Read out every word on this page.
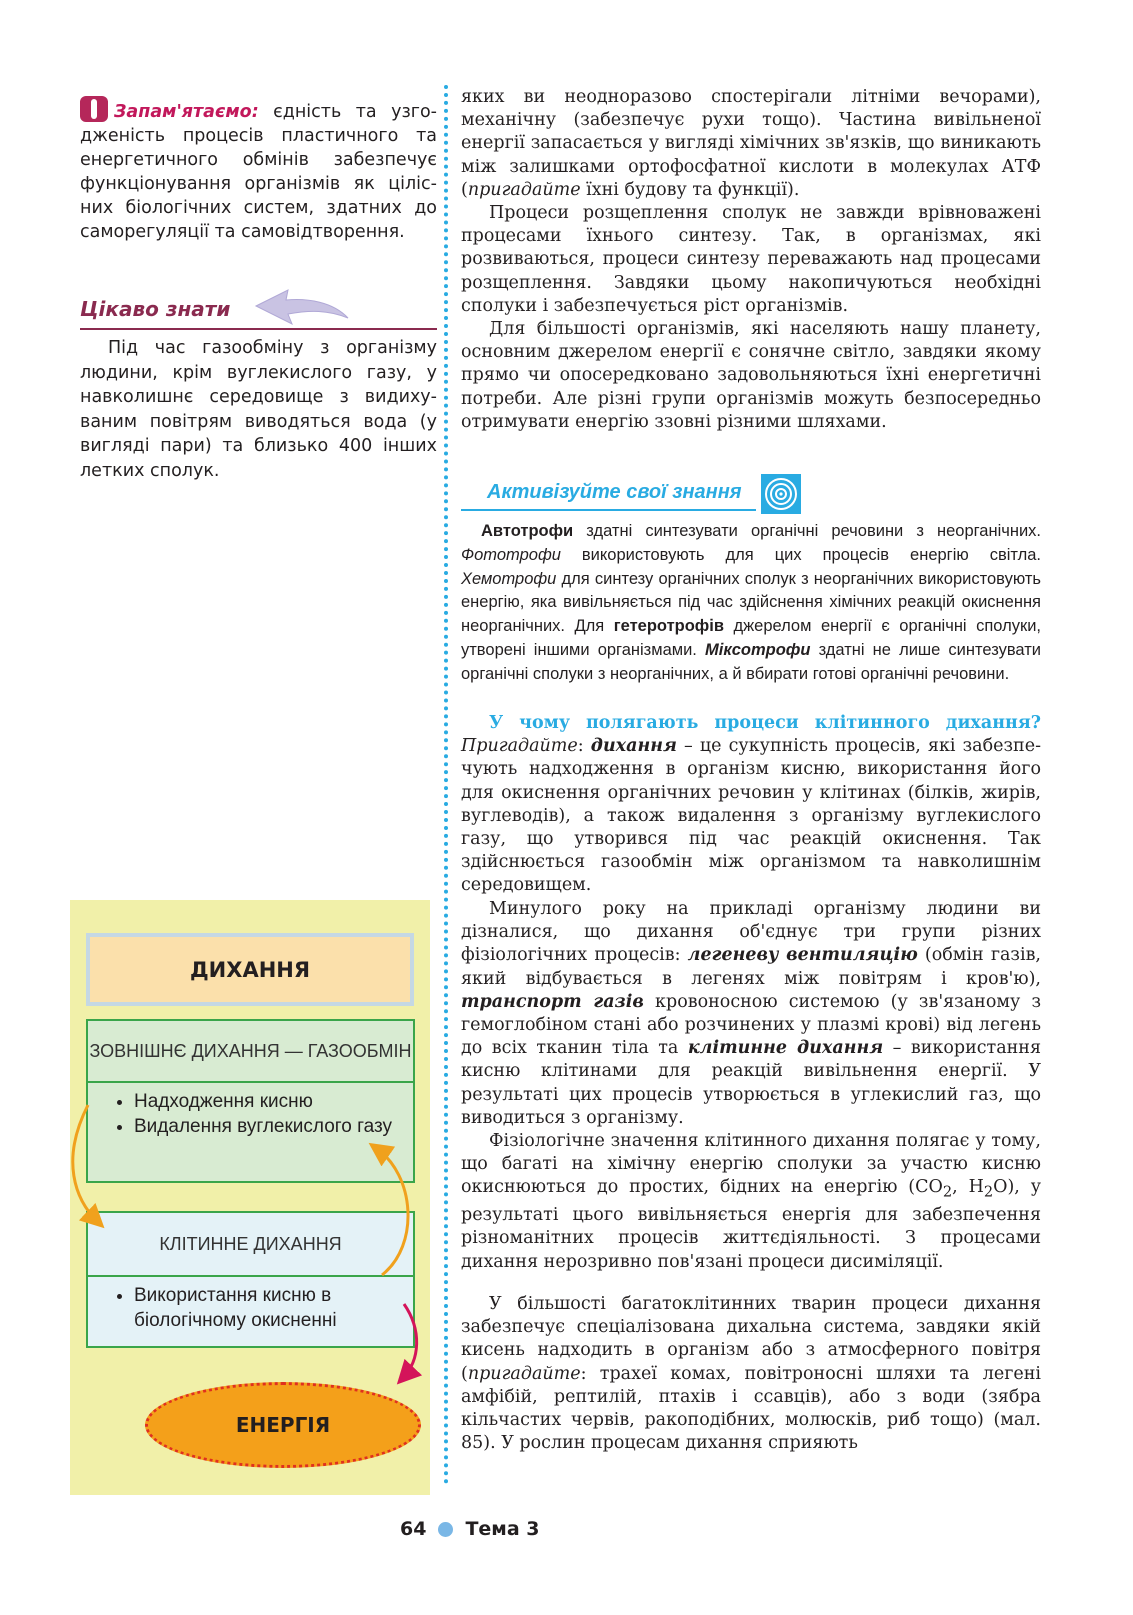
Запам'ятаємо: єдність та узгодженість процесів пластичного та енергетичного обмінів забезпечує функціонування організмів як цілісних біологічних систем, здатних до саморегуляції та самовідтворення.
Цікаво знати
Під час газообміну з організму людини, крім вуглекислого газу, у навколишнє середовище з видихуваним повітрям виводяться вода (у вигляді пари) та близько 400 інших летких сполук.
ДИХАННЯ
ЗОВНІШНЄ ДИХАННЯ — ГАЗООБМІН
• Надходження кисню
• Видалення вуглекислого газу
КЛІТИННЕ ДИХАННЯ
• Використання кисню в біологічному окисненні
ЕНЕРГІЯ

яких ви неодноразово спостерігали літніми вечорами), механічну (забезпечує рухи тощо). Частина вивільненої енергії запасається у вигляді хімічних зв'язків, що виникають між залишками ортофосфатної кислоти в молекулах АТФ (пригадайте їхні будову та функції).

Процеси розщеплення сполук не завжди врівноважені процесами їхнього синтезу. Так, в організмах, які розвиваються, процеси синтезу переважають над процесами розщеплення. Завдяки цьому накопичуються необхідні сполуки і забезпечується ріст організмів.

Для більшості організмів, які населяють нашу планету, основним джерелом енергії є сонячне світло, завдяки якому прямо чи опосередковано задовольняються їхні енергетичні потреби. Але різні групи організмів можуть безпосередньо отримувати енергію ззовні різними шляхами.

Активізуйте свої знання
Автотрофи здатні синтезувати органічні речовини з неорганічних. Фототрофи використовують для цих процесів енергію світла. Хемотрофи для синтезу органічних сполук з неорганічних використовують енергію, яка вивільняється під час здійснення хімічних реакцій окиснення неорганічних. Для гетеротрофів джерелом енергії є органічні сполуки, утворені іншими організмами. Міксотрофи здатні не лише синтезувати органічні сполуки з неорганічних, а й вбирати готові органічні речовини.

У чому полягають процеси клітинного дихання? Пригадайте: дихання – це сукупність процесів, які забезпечують надходження в організм кисню, використання його для окиснення органічних речовин у клітинах (білків, жирів, вуглеводів), а також видалення з організму вуглекислого газу, що утворився під час реакцій окиснення. Так здійснюється газообмін між організмом та навколишнім середовищем.

Минулого року на прикладі організму людини ви дізналися, що дихання об'єднує три групи різних фізіологічних процесів: легеневу вентиляцію (обмін газів, який відбувається в легенях між повітрям і кров'ю), транспорт газів кровоносною системою (у зв'язаному з гемоглобіном стані або розчинених у плазмі крові) від легень до всіх тканин тіла та клітинне дихання – використання кисню клітинами для реакцій вивільнення енергії. У результаті цих процесів утворюється в углекислий газ, що виводиться з організму.

Фізіологічне значення клітинного дихання полягає у тому, що багаті на хімічну енергію сполуки за участю кисню окиснюються до простих, бідних на енергію ($CO_2$, $H_2O$), у результаті цього вивільняється енергія для забезпечення різноманітних процесів життєдіяльності. З процесами дихання нерозривно пов'язані процеси дисиміляції.

У більшості багатоклітинних тварин процеси дихання забезпечує спеціалізована дихальна система, завдяки якій кисень надходить в організм або з атмосферного повітря (пригадайте: трахеї комах, повітроносні шляхи та легені амфібій, рептилій, птахів і ссавців), або з води (зябра кільчастих червів, ракоподібних, молюсків, риб тощо) (мал. 85). У рослин процесам дихання сприяють

64 Тема 3
